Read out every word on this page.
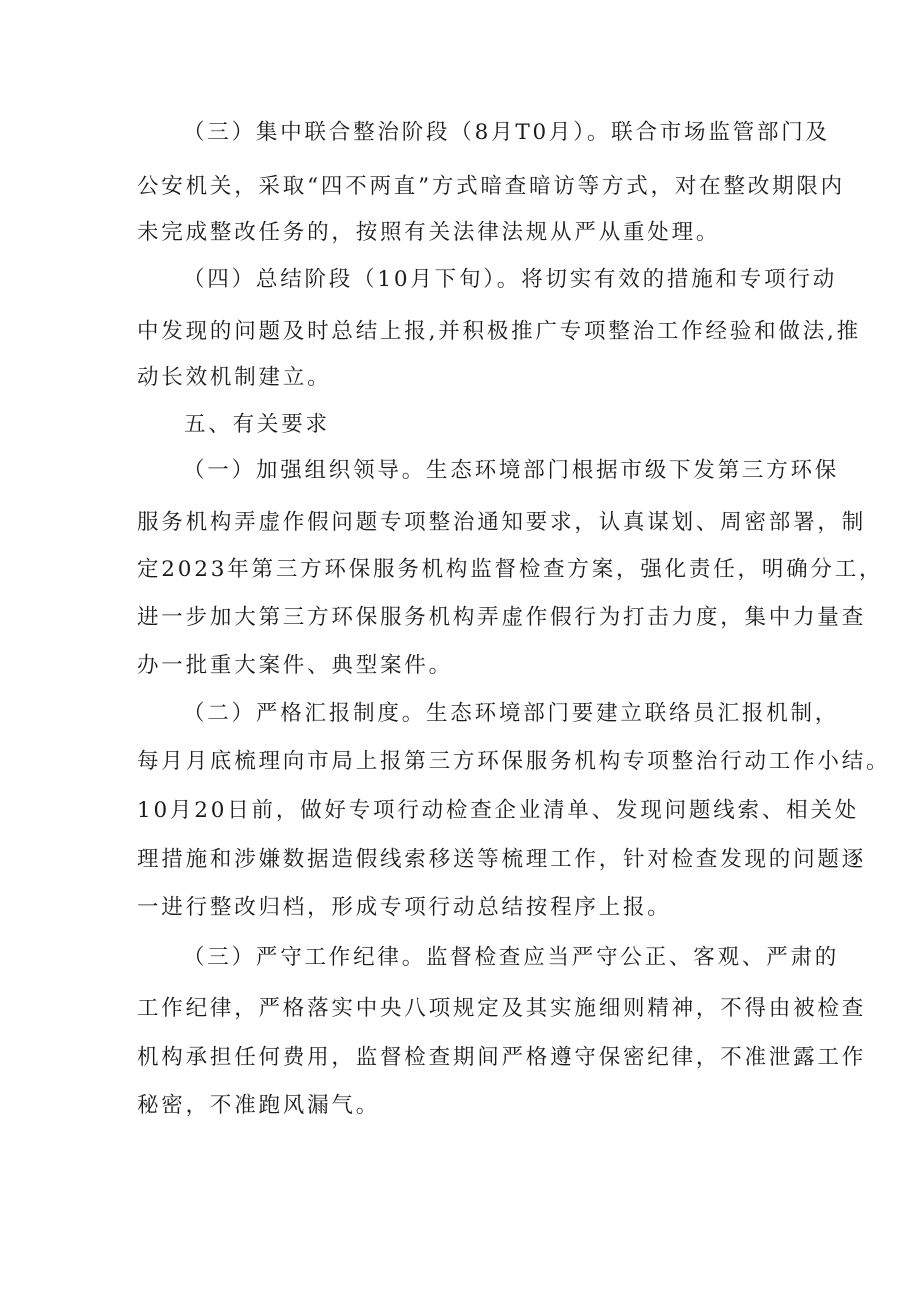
（三）集中联合整治阶段（8月T0月）。联合市场监管部门及
公安机关，采取“四不两直”方式暗查暗访等方式，对在整改期限内
未完成整改任务的，按照有关法律法规从严从重处理。
（四）总结阶段（10月下旬）。将切实有效的措施和专项行动
中发现的问题及时总结上报,并积极推广专项整治工作经验和做法,推
动长效机制建立。
五、有关要求
（一）加强组织领导。生态环境部门根据市级下发第三方环保
服务机构弄虚作假问题专项整治通知要求，认真谋划、周密部署，制
定2023年第三方环保服务机构监督检查方案，强化责任，明确分工，
进一步加大第三方环保服务机构弄虚作假行为打击力度，集中力量查
办一批重大案件、典型案件。
（二）严格汇报制度。生态环境部门要建立联络员汇报机制，
每月月底梳理向市局上报第三方环保服务机构专项整治行动工作小结。
10月20日前，做好专项行动检查企业清单、发现问题线索、相关处
理措施和涉嫌数据造假线索移送等梳理工作，针对检查发现的问题逐
一进行整改归档，形成专项行动总结按程序上报。
（三）严守工作纪律。监督检查应当严守公正、客观、严肃的
工作纪律，严格落实中央八项规定及其实施细则精神，不得由被检查
机构承担任何费用，监督检查期间严格遵守保密纪律，不准泄露工作
秘密，不准跑风漏气。
